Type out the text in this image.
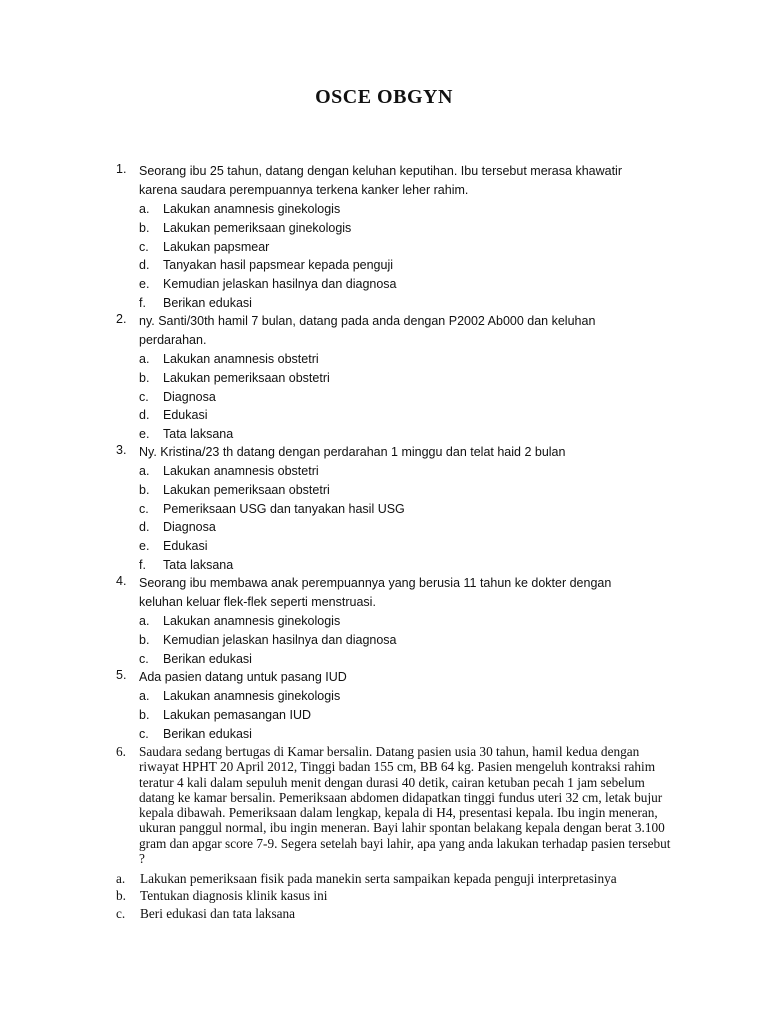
OSCE OBGYN
1.	Seorang ibu 25 tahun, datang dengan keluhan keputihan. Ibu tersebut merasa khawatir karena saudara perempuannya terkena kanker leher rahim.
a.	Lakukan anamnesis ginekologis
b.	Lakukan pemeriksaan ginekologis
c.	Lakukan papsmear
d.	Tanyakan hasil papsmear kepada penguji
e.	Kemudian jelaskan hasilnya dan diagnosa
f.	Berikan edukasi
2.	ny. Santi/30th hamil 7 bulan, datang pada anda dengan P2002 Ab000 dan keluhan perdarahan.
a.	Lakukan anamnesis obstetri
b.	Lakukan pemeriksaan obstetri
c.	Diagnosa
d.	Edukasi
e.	Tata laksana
3.	Ny. Kristina/23 th datang dengan perdarahan 1 minggu dan telat haid 2 bulan
a.	Lakukan anamnesis obstetri
b.	Lakukan pemeriksaan obstetri
c.	Pemeriksaan USG dan tanyakan hasil USG
d.	Diagnosa
e.	Edukasi
f.	Tata laksana
4.	Seorang ibu membawa anak perempuannya yang berusia 11 tahun ke dokter dengan keluhan keluar flek-flek seperti menstruasi.
a.	Lakukan anamnesis ginekologis
b.	Kemudian jelaskan hasilnya dan diagnosa
c.	Berikan edukasi
5.	Ada pasien datang untuk pasang IUD
a.	Lakukan anamnesis ginekologis
b.	Lakukan pemasangan IUD
c.	Berikan edukasi
6. Saudara sedang bertugas di Kamar bersalin. Datang pasien usia 30 tahun, hamil kedua dengan riwayat HPHT 20 April 2012, Tinggi badan 155 cm, BB 64 kg. Pasien mengeluh kontraksi rahim teratur 4 kali dalam sepuluh menit dengan durasi 40 detik, cairan ketuban pecah 1 jam sebelum datang ke kamar bersalin. Pemeriksaan abdomen didapatkan tinggi fundus uteri 32 cm, letak bujur kepala dibawah. Pemeriksaan dalam lengkap, kepala di H4, presentasi kepala. Ibu ingin meneran, ukuran panggul normal, ibu ingin meneran. Bayi lahir spontan belakang kepala dengan berat 3.100 gram dan apgar score 7-9. Segera setelah bayi lahir, apa yang anda lakukan terhadap pasien tersebut ?
a.	Lakukan pemeriksaan fisik pada manekin serta sampaikan kepada penguji interpretasinya
b.	Tentukan diagnosis klinik kasus ini
c.	Beri edukasi dan tata laksana
